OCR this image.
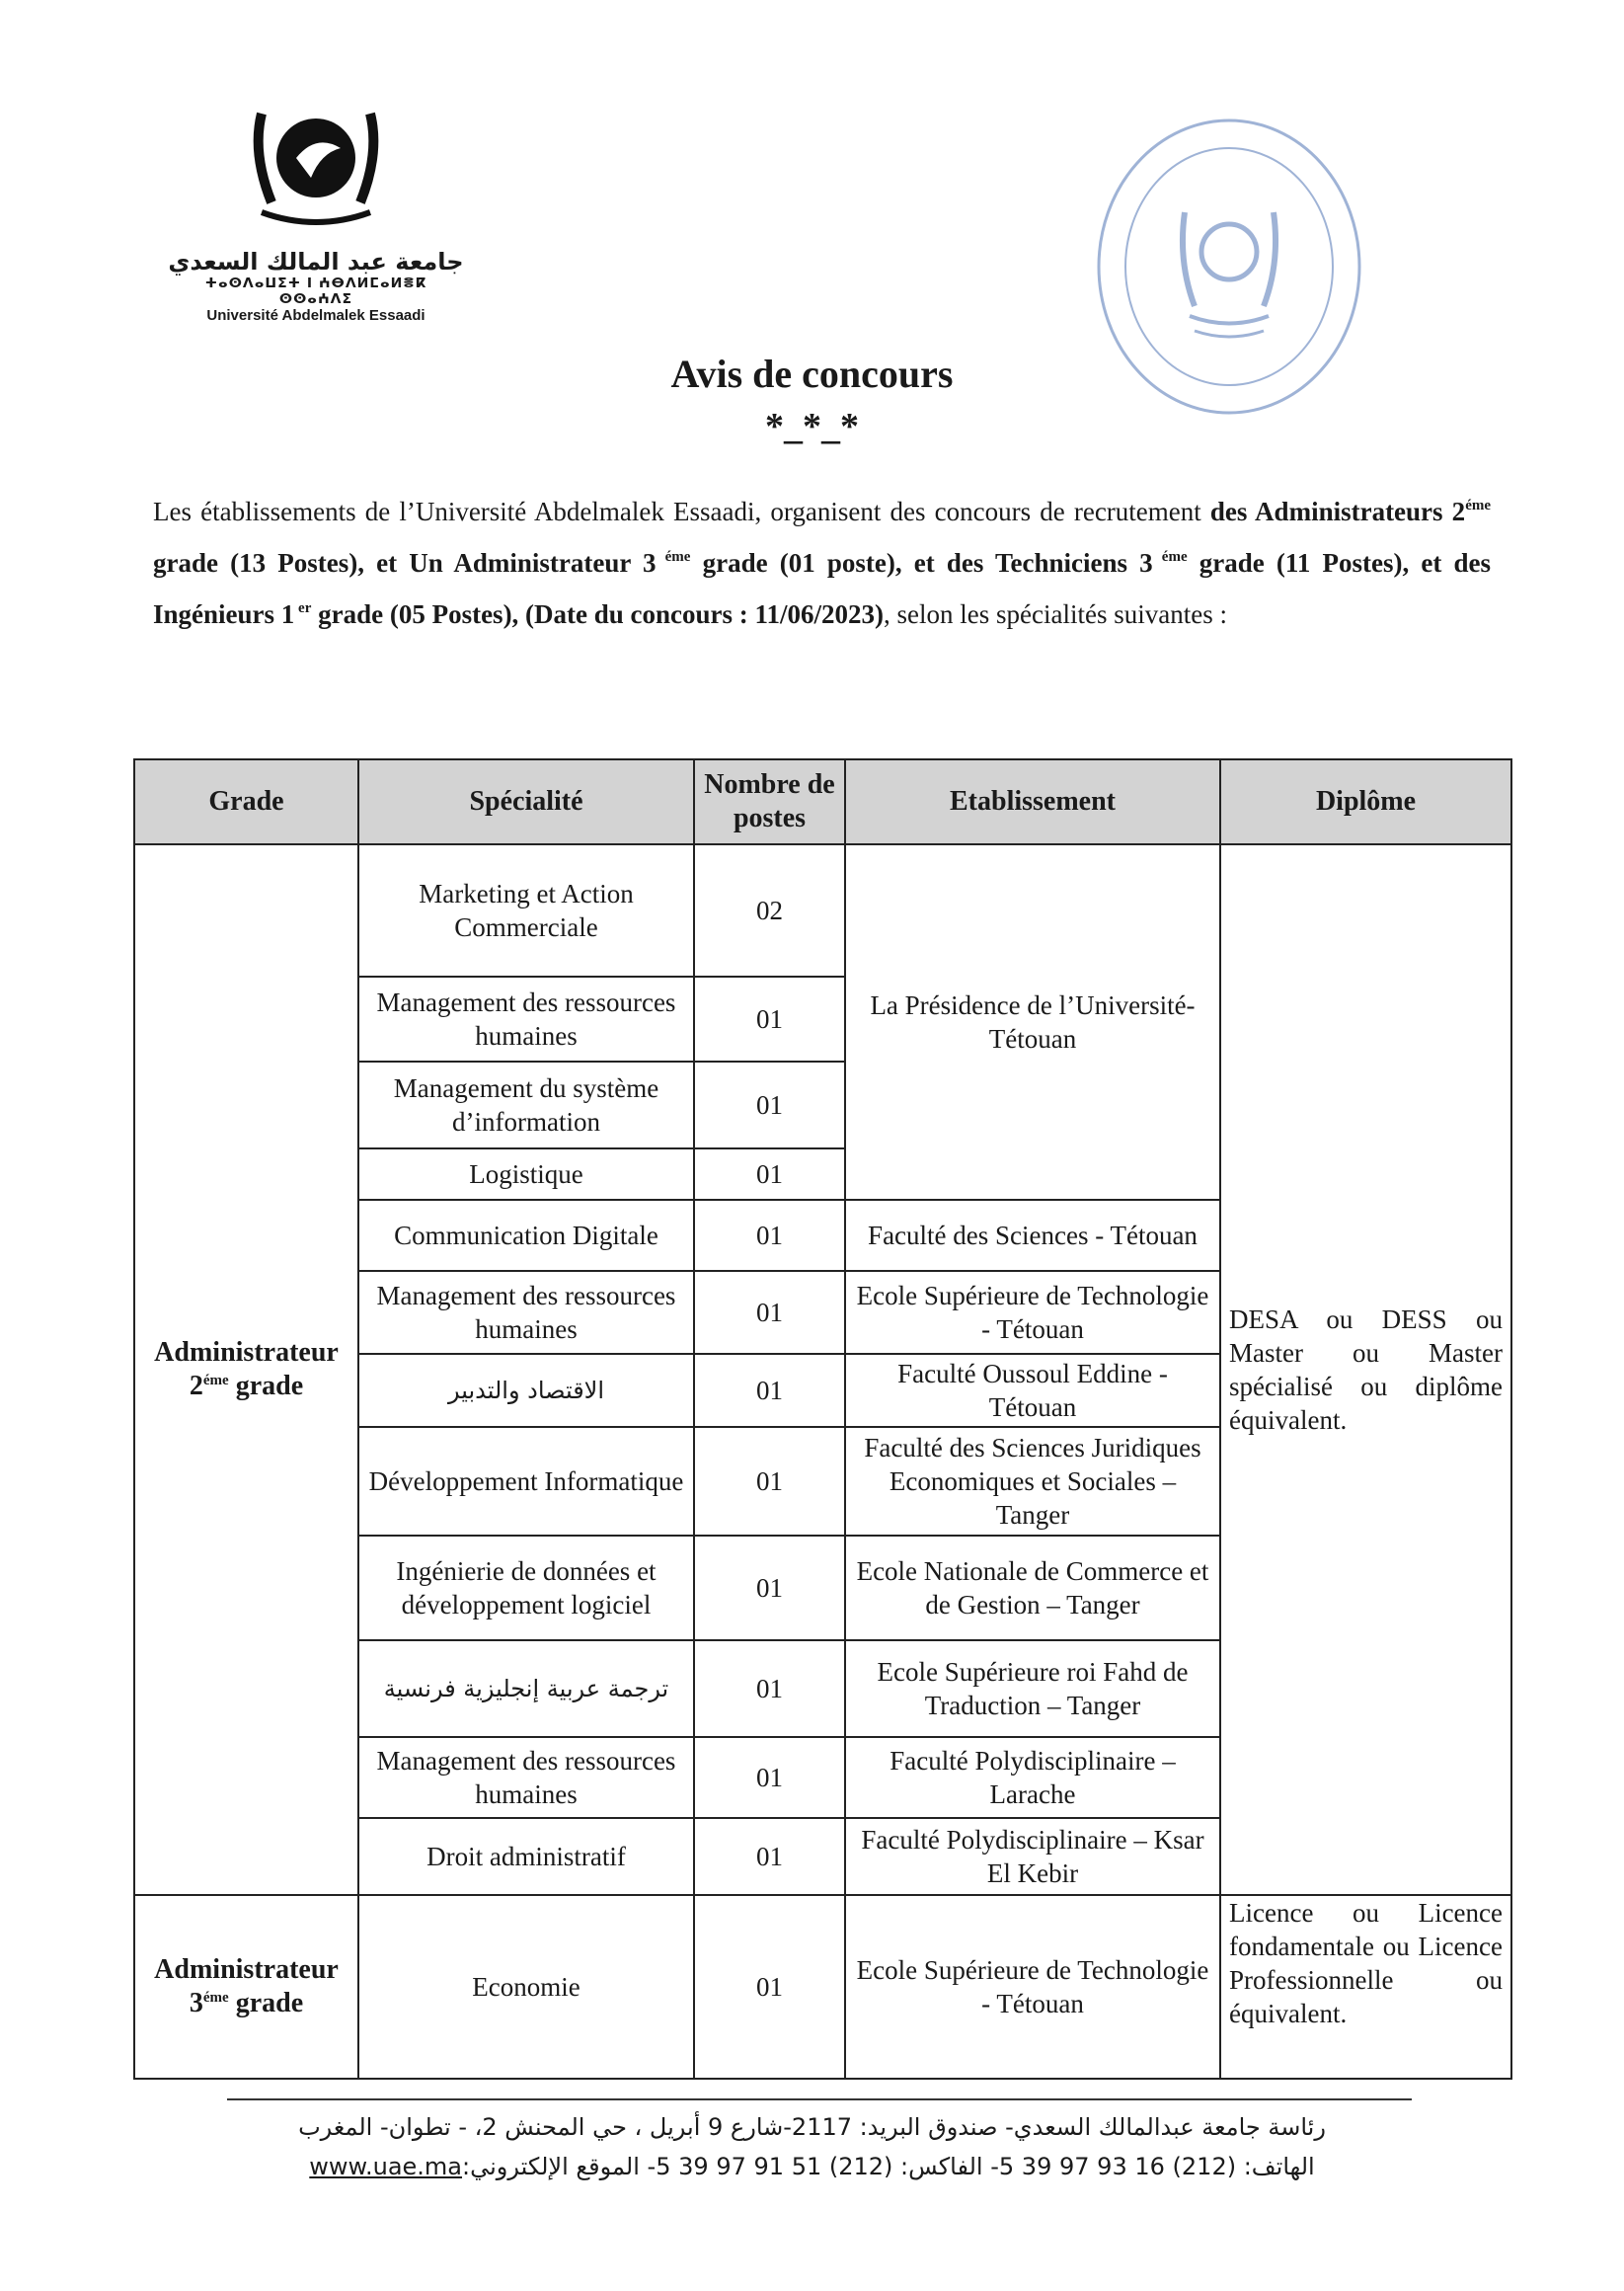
جامعة عبد المالك السعدي
ⵜⴰⵙⴷⴰⵡⵉⵜ ⵏ ⵄⴱⴷⵍⵎⴰⵍⴻⴽ ⵙⵙⴰⵄⴷⵉ
Université Abdelmalek Essaadi
Avis de concours
*_*_*
Les établissements de l’Université Abdelmalek Essaadi, organisent des concours de recrutement des Administrateurs $2^{éme}$ grade (13 Postes), et Un Administrateur 3 $^{éme}$ grade (01 poste), et des Techniciens 3 $^{éme}$ grade (11 Postes), et des Ingénieurs 1 $^{er}$ grade (05 Postes), (Date du concours : 11/06/2023), selon les spécialités suivantes :
Grade	Spécialité	Nombre de postes	Etablissement	Diplôme
Administrateur
$2^{éme}$ grade	Marketing et Action Commerciale	02	La Présidence de l’Université- Tétouan	DESA ou DESS ou Master ou Master spécialisé ou diplôme équivalent.
	Management des ressources humaines	01		
	Management du système d’information	01		
	Logistique	01		
	Communication Digitale	01	Faculté des Sciences - Tétouan	
	Management des ressources humaines	01	Ecole Supérieure de Technologie - Tétouan	
	الاقتصاد والتدبير	01	Faculté Oussoul Eddine - Tétouan	
	Développement Informatique	01	Faculté des Sciences Juridiques Economiques et Sociales – Tanger	
	Ingénierie de données et développement logiciel	01	Ecole Nationale de Commerce et de Gestion – Tanger	
	ترجمة عربية إنجليزية فرنسية	01	Ecole Supérieure roi Fahd de Traduction – Tanger	
	Management des ressources humaines	01	Faculté Polydisciplinaire – Larache	
	Droit administratif	01	Faculté Polydisciplinaire – Ksar El Kebir	
Administrateur
$3^{éme}$ grade	Economie	01	Ecole Supérieure de Technologie - Tétouan	Licence ou Licence fondamentale ou Licence Professionnelle ou équivalent.
رئاسة جامعة عبدالمالك السعدي- صندوق البريد: 2117-شارع 9 أبريل ، حي المحنش 2، - تطوان- المغرب
الهاتف: (212) 16 93 97 39 5- الفاكس: (212) 51 91 97 39 5- الموقع الإلكتروني:www.uae.ma
